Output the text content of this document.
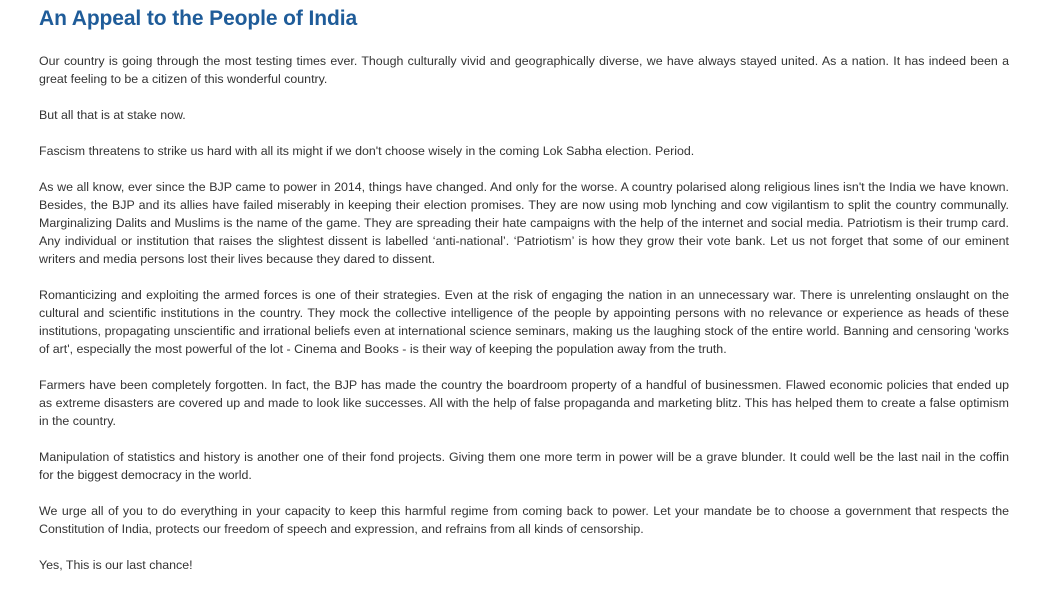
An Appeal to the People of India

Our country is going through the most testing times ever. Though culturally vivid and geographically diverse, we have always stayed united. As a nation. It has indeed been a great feeling to be a citizen of this wonderful country.

But all that is at stake now.

Fascism threatens to strike us hard with all its might if we don't choose wisely in the coming Lok Sabha election. Period.

As we all know, ever since the BJP came to power in 2014, things have changed. And only for the worse. A country polarised along religious lines isn't the India we have known. Besides, the BJP and its allies have failed miserably in keeping their election promises. They are now using mob lynching and cow vigilantism to split the country communally. Marginalizing Dalits and Muslims is the name of the game. They are spreading their hate campaigns with the help of the internet and social media. Patriotism is their trump card. Any individual or institution that raises the slightest dissent is labelled ‘anti-national’. ‘Patriotism’ is how they grow their vote bank. Let us not forget that some of our eminent writers and media persons lost their lives because they dared to dissent.

Romanticizing and exploiting the armed forces is one of their strategies. Even at the risk of engaging the nation in an unnecessary war. There is unrelenting onslaught on the cultural and scientific institutions in the country. They mock the collective intelligence of the people by appointing persons with no relevance or experience as heads of these institutions, propagating unscientific and irrational beliefs even at international science seminars, making us the laughing stock of the entire world. Banning and censoring 'works of art', especially the most powerful of the lot - Cinema and Books - is their way of keeping the population away from the truth.

Farmers have been completely forgotten. In fact, the BJP has made the country the boardroom property of a handful of businessmen. Flawed economic policies that ended up as extreme disasters are covered up and made to look like successes. All with the help of false propaganda and marketing blitz. This has helped them to create a false optimism in the country.

Manipulation of statistics and history is another one of their fond projects. Giving them one more term in power will be a grave blunder. It could well be the last nail in the coffin for the biggest democracy in the world.

We urge all of you to do everything in your capacity to keep this harmful regime from coming back to power. Let your mandate be to choose a government that respects the Constitution of India, protects our freedom of speech and expression, and refrains from all kinds of censorship.

Yes, This is our last chance!
